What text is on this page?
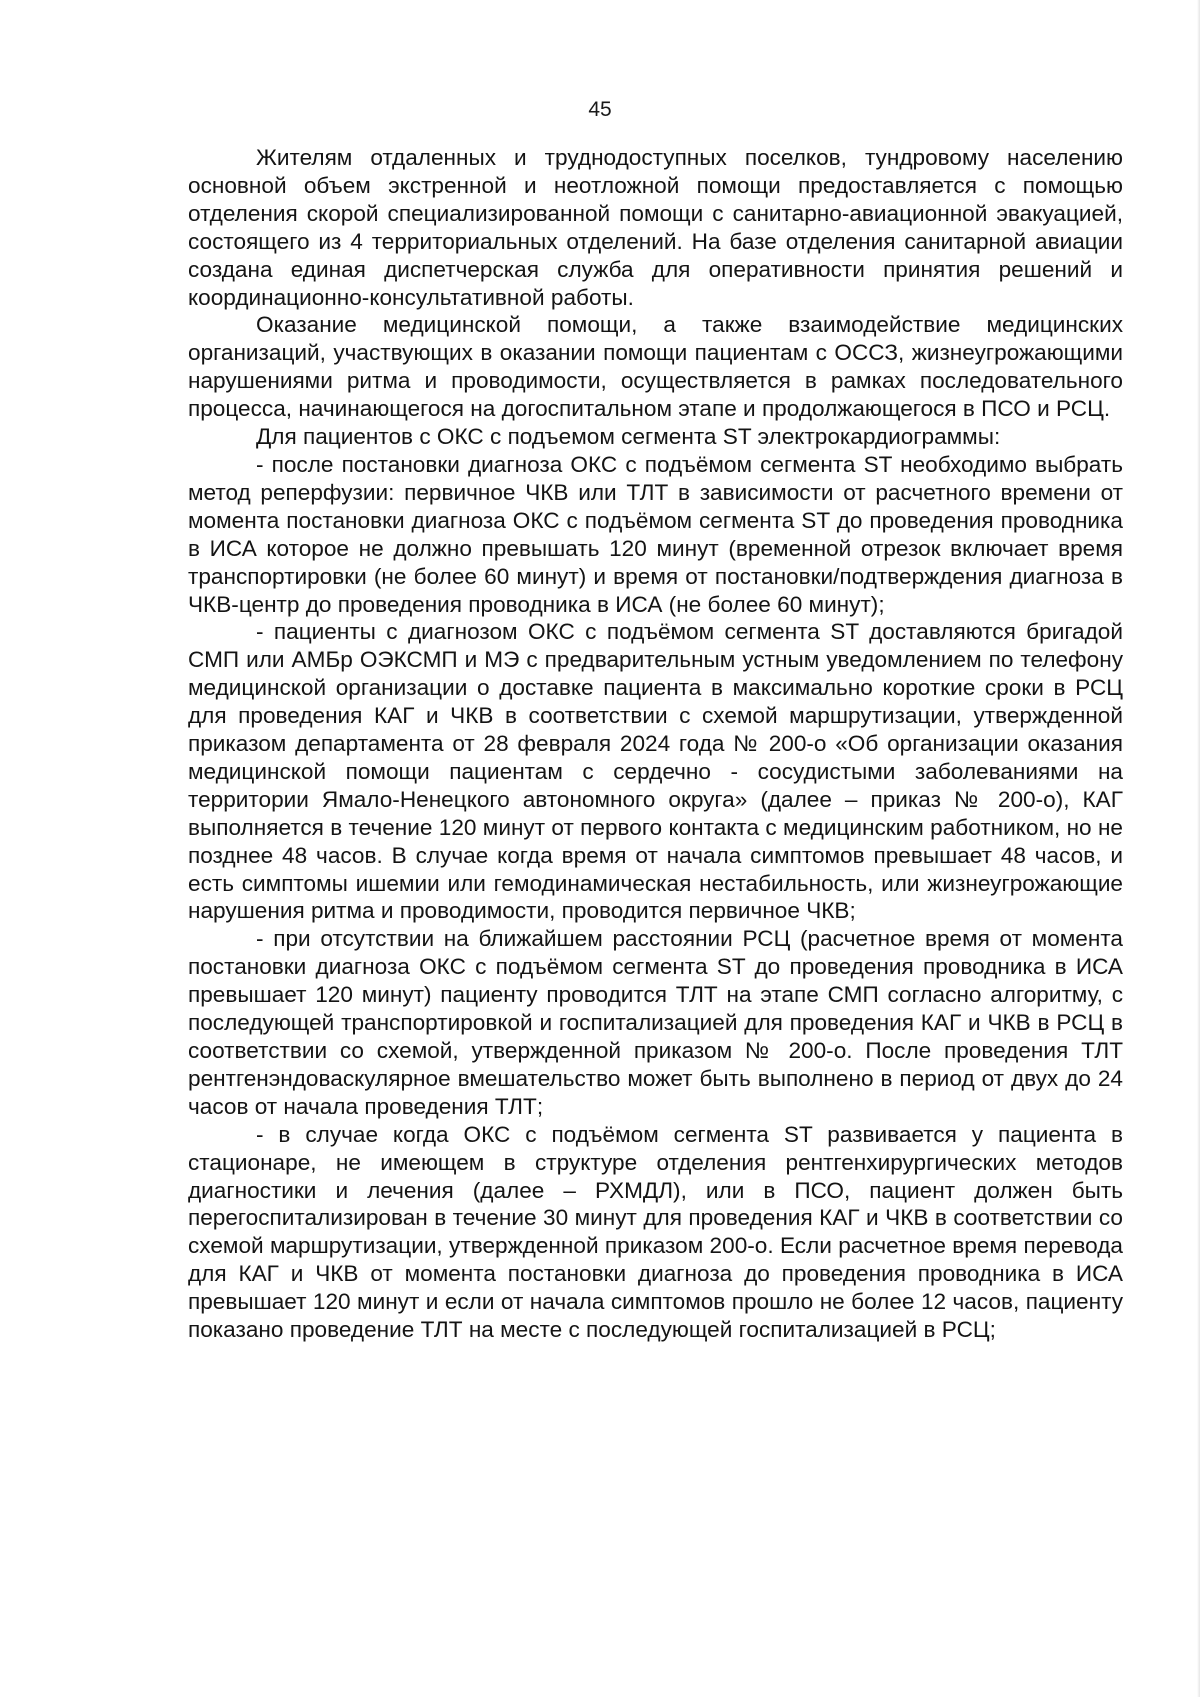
45

Жителям отдаленных и труднодоступных поселков, тундровому населению основной объем экстренной и неотложной помощи предоставляется с помощью отделения скорой специализированной помощи с санитарно-авиационной эвакуацией, состоящего из 4 территориальных отделений. На базе отделения санитарной авиации создана единая диспетчерская служба для оперативности принятия решений и координационно-консультативной работы.

Оказание медицинской помощи, а также взаимодействие медицинских организаций, участвующих в оказании помощи пациентам с ОССЗ, жизнеугрожающими нарушениями ритма и проводимости, осуществляется в рамках последовательного процесса, начинающегося на догоспитальном этапе и продолжающегося в ПСО и РСЦ.

Для пациентов с ОКС с подъемом сегмента ST электрокардиограммы:

- после постановки диагноза ОКС с подъёмом сегмента ST необходимо выбрать метод реперфузии: первичное ЧКВ или ТЛТ в зависимости от расчетного времени от момента постановки диагноза ОКС с подъёмом сегмента ST до проведения проводника в ИСА которое не должно превышать 120 минут (временной отрезок включает время транспортировки (не более 60 минут) и время от постановки/подтверждения диагноза в ЧКВ-центр до проведения проводника в ИСА (не более 60 минут);

- пациенты с диагнозом ОКС с подъёмом сегмента ST доставляются бригадой СМП или АМБр ОЭКСМП и МЭ с предварительным устным уведомлением по телефону медицинской организации о доставке пациента в максимально короткие сроки в РСЦ для проведения КАГ и ЧКВ в соответствии с схемой маршрутизации, утвержденной приказом департамента от 28 февраля 2024 года № 200-о «Об организации оказания медицинской помощи пациентам с сердечно - сосудистыми заболеваниями на территории Ямало-Ненецкого автономного округа» (далее – приказ № 200-о), КАГ выполняется в течение 120 минут от первого контакта с медицинским работником, но не позднее 48 часов. В случае когда время от начала симптомов превышает 48 часов, и есть симптомы ишемии или гемодинамическая нестабильность, или жизнеугрожающие нарушения ритма и проводимости, проводится первичное ЧКВ;

- при отсутствии на ближайшем расстоянии РСЦ (расчетное время от момента постановки диагноза ОКС с подъёмом сегмента ST до проведения проводника в ИСА превышает 120 минут) пациенту проводится ТЛТ на этапе СМП согласно алгоритму, с последующей транспортировкой и госпитализацией для проведения КАГ и ЧКВ в РСЦ в соответствии со схемой, утвержденной приказом № 200-о. После проведения ТЛТ рентгенэндоваскулярное вмешательство может быть выполнено в период от двух до 24 часов от начала проведения ТЛТ;

- в случае когда ОКС с подъёмом сегмента ST развивается у пациента в стационаре, не имеющем в структуре отделения рентгенхирургических методов диагностики и лечения (далее – РХМДЛ), или в ПСО, пациент должен быть перегоспитализирован в течение 30 минут для проведения КАГ и ЧКВ в соответствии со схемой маршрутизации, утвержденной приказом 200-о. Если расчетное время перевода для КАГ и ЧКВ от момента постановки диагноза до проведения проводника в ИСА превышает 120 минут и если от начала симптомов прошло не более 12 часов, пациенту показано проведение ТЛТ на месте с последующей госпитализацией в РСЦ;
